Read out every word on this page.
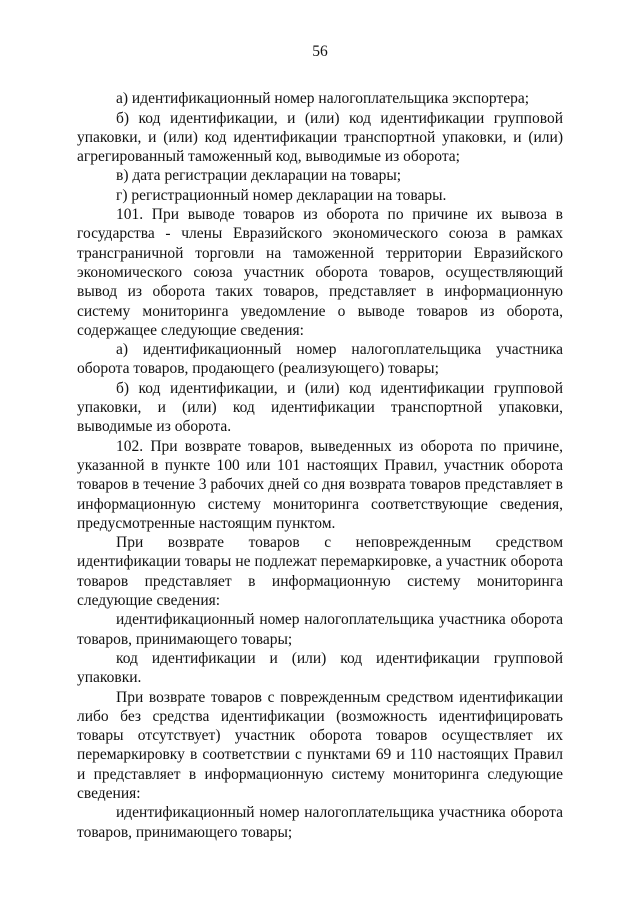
56

а) идентификационный номер налогоплательщика экспортера;

б) код идентификации, и (или) код идентификации групповой упаковки, и (или) код идентификации транспортной упаковки, и (или) агрегированный таможенный код, выводимые из оборота;

в) дата регистрации декларации на товары;

г) регистрационный номер декларации на товары.

101. При выводе товаров из оборота по причине их вывоза в государства - члены Евразийского экономического союза в рамках трансграничной торговли на таможенной территории Евразийского экономического союза участник оборота товаров, осуществляющий вывод из оборота таких товаров, представляет в информационную систему мониторинга уведомление о выводе товаров из оборота, содержащее следующие сведения:

а) идентификационный номер налогоплательщика участника оборота товаров, продающего (реализующего) товары;

б) код идентификации, и (или) код идентификации групповой упаковки, и (или) код идентификации транспортной упаковки, выводимые из оборота.

102. При возврате товаров, выведенных из оборота по причине, указанной в пункте 100 или 101 настоящих Правил, участник оборота товаров в течение 3 рабочих дней со дня возврата товаров представляет в информационную систему мониторинга соответствующие сведения, предусмотренные настоящим пунктом.

При возврате товаров с неповрежденным средством идентификации товары не подлежат перемаркировке, а участник оборота товаров представляет в информационную систему мониторинга следующие сведения:

идентификационный номер налогоплательщика участника оборота товаров, принимающего товары;

код идентификации и (или) код идентификации групповой упаковки.

При возврате товаров с поврежденным средством идентификации либо без средства идентификации (возможность идентифицировать товары отсутствует) участник оборота товаров осуществляет их перемаркировку в соответствии с пунктами 69 и 110 настоящих Правил и представляет в информационную систему мониторинга следующие сведения:

идентификационный номер налогоплательщика участника оборота товаров, принимающего товары;
